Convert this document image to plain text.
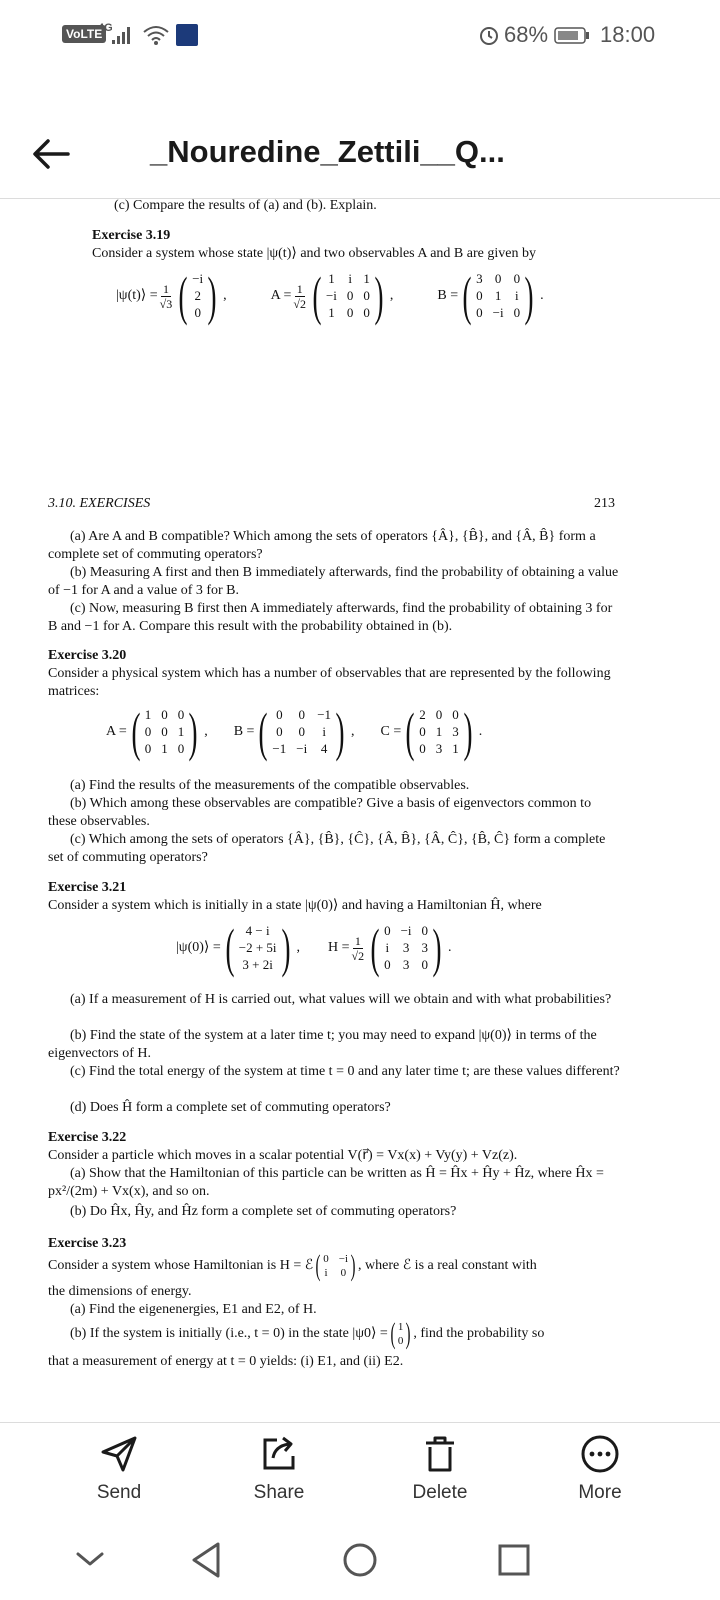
VoLTE
4G	68% 18:00
_Nouredine_Zettili__Q...

(c) Compare the results of (a) and (b). Explain.

Exercise 3.19

Consider a system whose state |ψ(t)⟩ and two observables A and B are given by

|ψ(t)⟩ = $\frac{1}{√3}$ ( −i
2
0 ) ,	$A = \frac{1}{√2}$ ( 1 i 1
−i 0 0
1 0 0 ) ,	B = ( 3 0 0
0 1 i
0 −i 0 ) .
3.10. EXERCISES	213

(a) Are A and B compatible? Which among the sets of operators {Â}, {B̂}, and {Â, B̂} form a complete set of commuting operators?

(b) Measuring A first and then B immediately afterwards, find the probability of obtaining a value of −1 for A and a value of 3 for B.

(c) Now, measuring B first then A immediately afterwards, find the probability of obtaining 3 for B and −1 for A. Compare this result with the probability obtained in (b).

Exercise 3.20

Consider a physical system which has a number of observables that are represented by the following matrices:

A = ( 1 0 0
0 0 1
0 1 0 ) , B = ( 0 0 −1
0 0	i
−1 −i 4 ) , C = ( 2 0 0
0 1 3
0 3 1 ) .

(a) Find the results of the measurements of the compatible observables.

(b) Which among these observables are compatible? Give a basis of eigenvectors common to these observables.

(c) Which among the sets of operators {Â}, {B̂}, {Ĉ}, {Â, B̂}, {Â, Ĉ}, {B̂, Ĉ} form a complete set of commuting operators?

Exercise 3.21

Consider a system which is initially in a state |ψ(0)⟩ and having a Hamiltonian Ĥ, where

|ψ(0)⟩ = ( 4 − i
−2 + 5i
3 + 2i ) , $H = \frac{1}{√2}$ ( 0 −i 0
i 3 3
0 3 0 ) .

(a) If a measurement of H is carried out, what values will we obtain and with what probabilities?

(b) Find the state of the system at a later time t; you may need to expand |ψ(0)⟩ in terms of the eigenvectors of H.

(c) Find the total energy of the system at time t = 0 and any later time t; are these values different?

(d) Does Ĥ form a complete set of commuting operators?

Exercise 3.22

Consider a particle which moves in a scalar potential V(r⃗) = Vx(x) + Vy(y) + Vz(z).

(a) Show that the Hamiltonian of this particle can be written as Ĥ = Ĥx + Ĥy + Ĥz, where Ĥx = px²/(2m) + Vx(x), and so on.

(b) Do Ĥx, Ĥy, and Ĥz form a complete set of commuting operators?

Exercise 3.23

Consider a system whose Hamiltonian is H = ℰ ( 0 −i
i 0 ) , where ℰ is a real constant with

the dimensions of energy.

(a) Find the eigenenergies, E1 and E2, of H.

(b) If the system is initially (i.e., t = 0) in the state |ψ0⟩ = ( 1
0 ) , find the probability so

that a measurement of energy at t = 0 yields: (i) E1, and (ii) E2.

Send	Share	Delete	More
